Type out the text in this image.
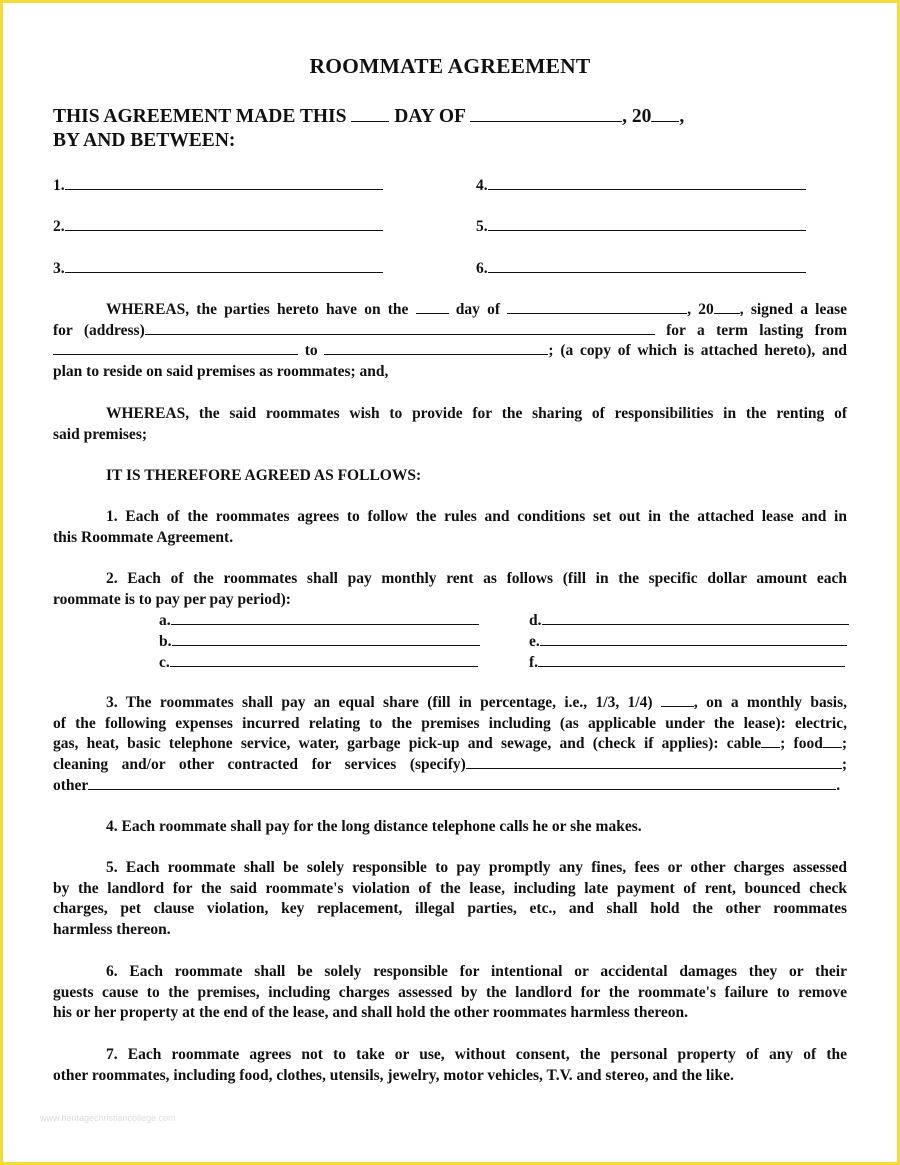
ROOMMATE AGREEMENT
THIS AGREEMENT MADE THIS DAY OF	, 20 ,
BY AND BETWEEN:
1.
2.
3.
4.
5.
6.
WHEREAS, the parties hereto have on the	day of	, 20 , signed a lease
for (address)	for a term lasting from
to	; (a copy of which is attached hereto), and
plan to reside on said premises as roommates; and,
WHEREAS, the said roommates wish to provide for the sharing of responsibilities in the renting of
said premises;
IT IS THEREFORE AGREED AS FOLLOWS:
1. Each of the roommates agrees to follow the rules and conditions set out in the attached lease and in
this Roommate Agreement.
2. Each of the roommates shall pay monthly rent as follows (fill in the specific dollar amount each
roommate is to pay per pay period):
a.
b.
c.
d.
e.
f.
3. The roommates shall pay an equal share (fill in percentage, i.e., 1/3, 1/4)	, on a monthly basis,
of the following expenses incurred relating to the premises including (as applicable under the lease): electric,
gas, heat, basic telephone service, water, garbage pick-up and sewage, and (check if applies): cable ; food ;
cleaning and/or other contracted for services (specify)	;
other	.
4. Each roommate shall pay for the long distance telephone calls he or she makes.
5. Each roommate shall be solely responsible to pay promptly any fines, fees or other charges assessed
by the landlord for the said roommate's violation of the lease, including late payment of rent, bounced check
charges, pet clause violation, key replacement, illegal parties, etc., and shall hold the other roommates
harmless thereon.
6. Each roommate shall be solely responsible for intentional or accidental damages they or their
guests cause to the premises, including charges assessed by the landlord for the roommate's failure to remove
his or her property at the end of the lease, and shall hold the other roommates harmless thereon.
7. Each roommate agrees not to take or use, without consent, the personal property of any of the
other roommates, including food, clothes, utensils, jewelry, motor vehicles, T.V. and stereo, and the like.
www.heritagechristiancollege.com
